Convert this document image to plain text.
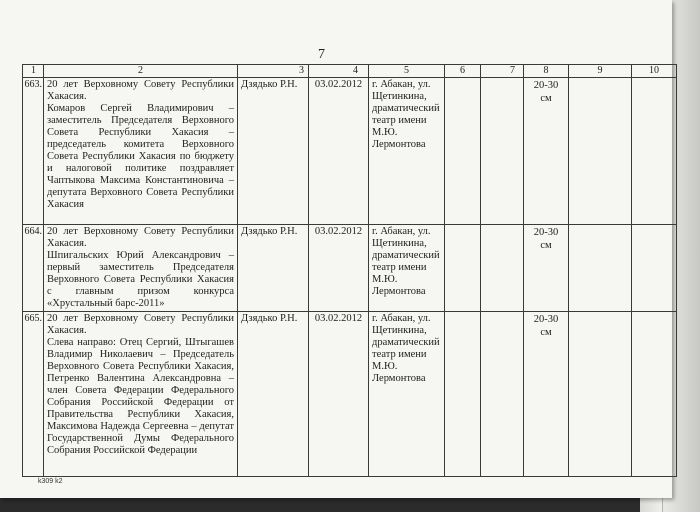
7
1	2	3	4	5	6	7	8	9	10
663.	20 лет Верховному Совету Республики Хакасия.
Комаров Сергей Владимирович – заместитель Председателя Верховного Совета Республики Хакасия – председатель комитета Верховного Совета Республики Хакасия по бюджету и налоговой политике поздравляет Чаптыкова Максима Константиновича – депутата Верховного Совета Республики Хакасия	Дзядько Р.Н.	03.02.2012	г. Абакан, ул. Щетинкина, драматический театр имени М.Ю. Лермонтова			20-30 см		
664.	20 лет Верховному Совету Республики Хакасия.
Шпигальских Юрий Александрович – первый заместитель Председателя Верховного Совета Республики Хакасия с главным призом конкурса «Хрустальный барс-2011»	Дзядько Р.Н.	03.02.2012	г. Абакан, ул. Щетинкина, драматический театр имени М.Ю. Лермонтова			20-30 см		
665.	20 лет Верховному Совету Республики Хакасия.
Слева направо: Отец Сергий, Штыгашев Владимир Николаевич – Председатель Верховного Совета Республики Хакасия, Петренко Валентина Александровна – член Совета Федерации Федерального Собрания Российской Федерации от Правительства Республики Хакасия, Максимова Надежда Сергеевна – депутат Государственной Думы Федерального Собрания Российской Федерации	Дзядько Р.Н.	03.02.2012	г. Абакан, ул. Щетинкина, драматический театр имени М.Ю. Лермонтова			20-30 см		
k309 k2
